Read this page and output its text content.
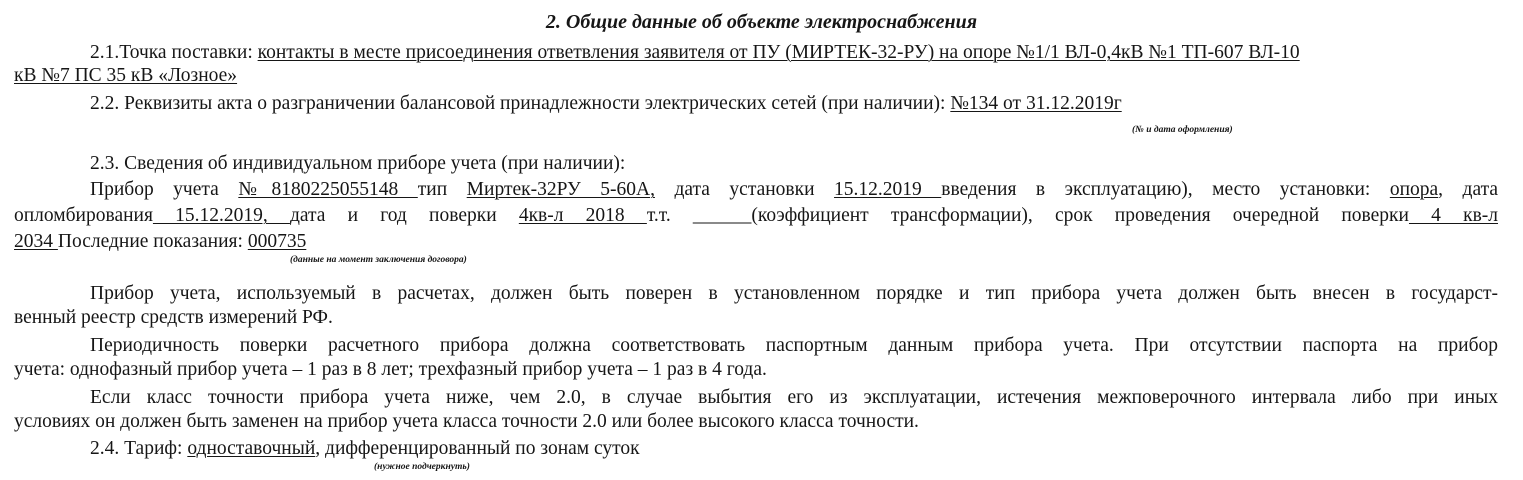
2. Общие данные об объекте электроснабжения
2.1.Точка поставки: контакты в месте присоединения ответвления заявителя от ПУ (МИРТЕК-32-РУ) на опоре №1/1 ВЛ-0,4кВ №1 ТП-607 ВЛ-10
кВ №7 ПС 35 кВ «Лозное»
2.2. Реквизиты акта о разграничении балансовой принадлежности электрических сетей (при наличии): №134 от 31.12.2019г
(№ и дата оформления)
2.3. Сведения об индивидуальном приборе учета (при наличии):
Прибор учета №8180225055148 тип Миртек-32РУ 5-60А, дата установки 15.12.2019 введения в эксплуатацию), место установки: опора, дата
опломбирования 15.12.2019, дата и год поверки 4кв-л 2018 т.т. ______(коэффициент трансформации), срок проведения очередной поверки 4 кв-л
2034 Последние показания: 000735
(данные на момент заключения договора)
Прибор учета, используемый в расчетах, должен быть поверен в установленном порядке и тип прибора учета должен быть внесен в государст-
венный реестр средств измерений РФ.
Периодичность поверки расчетного прибора должна соответствовать паспортным данным прибора учета. При отсутствии паспорта на прибор
учета: однофазный прибор учета – 1 раз в 8 лет; трехфазный прибор учета – 1 раз в 4 года.
Если класс точности прибора учета ниже, чем 2.0, в случае выбытия его из эксплуатации, истечения межповерочного интервала либо при иных
условиях он должен быть заменен на прибор учета класса точности 2.0 или более высокого класса точности.
2.4. Тариф: одноставочный, дифференцированный по зонам суток
(нужное подчеркнуть)
